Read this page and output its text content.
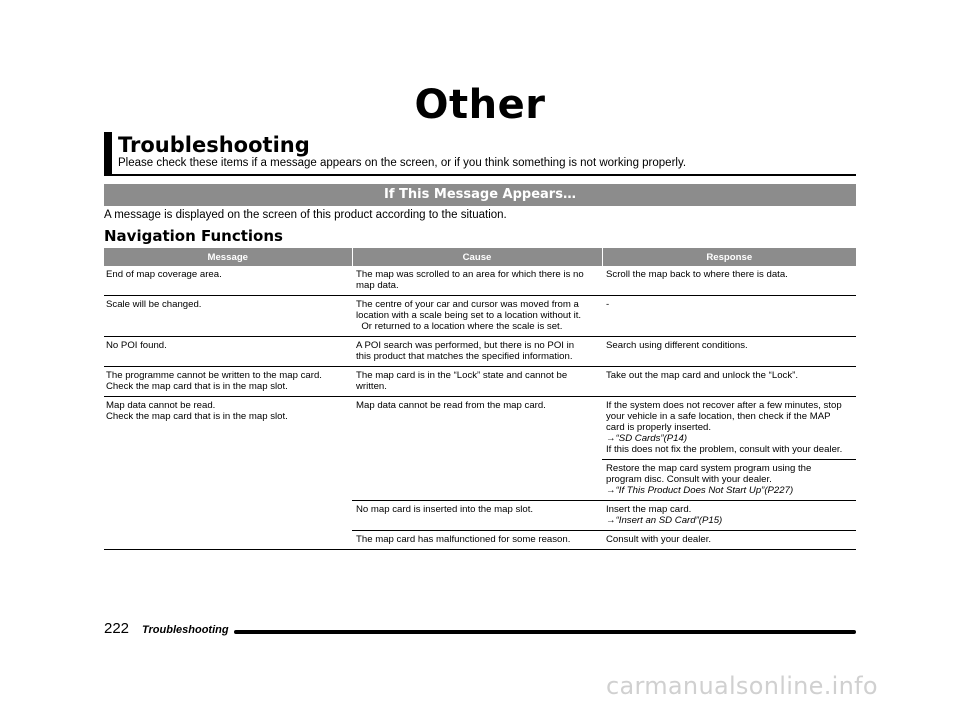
Other
Troubleshooting
Please check these items if a message appears on the screen, or if you think something is not working properly.
If This Message Appears…
A message is displayed on the screen of this product according to the situation.
Navigation Functions
Message	Cause	Response

End of map coverage area.	The map was scrolled to an area for which there is no
map data.	Scroll the map back to where there is data.

Scale will be changed.	The centre of your car and cursor was moved from a
location with a scale being set to a location without it.
Or returned to a location where the scale is set.	-

No POI found.	A POI search was performed, but there is no POI in
this product that matches the specified information.	Search using different conditions.

The programme cannot be written to the map card.
Check the map card that is in the map slot.	The map card is in the “Lock” state and cannot be
written.	Take out the map card and unlock the “Lock”.

Map data cannot be read.
Check the map card that is in the map slot.	Map data cannot be read from the map card.	If the system does not recover after a few minutes, stop
your vehicle in a safe location, then check if the MAP
card is properly inserted.
→“SD Cards”(P14)
If this does not fix the problem, consult with your dealer.

		Restore the map card system program using the
program disc. Consult with your dealer.
→“If This Product Does Not Start Up”(P227)

	No map card is inserted into the map slot.	Insert the map card.
→“Insert an SD Card”(P15)

	The map card has malfunctioned for some reason.	Consult with your dealer.
222 Troubleshooting
carmanualsonline.info
